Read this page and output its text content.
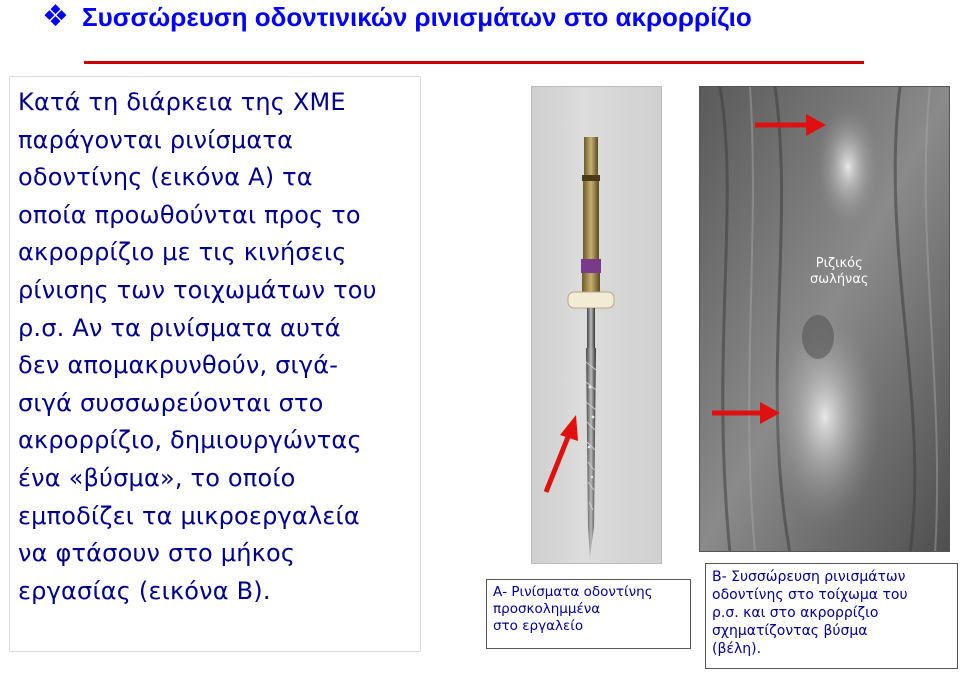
❖ Συσσώρευση οδοντινικών ρινισμάτων στο ακρορρίζιο

Κατά τη διάρκεια της ΧΜΕ
παράγονται ρινίσματα
οδοντίνης (εικόνα Α) τα
οποία προωθούνται προς το
ακρορρίζιο με τις κινήσεις
ρίνισης των τοιχωμάτων του
ρ.σ. Αν τα ρινίσματα αυτά
δεν απομακρυνθούν, σιγά-
σιγά συσσωρεύονται στο
ακρορρίζιο, δημιουργώντας
ένα «βύσμα», το οποίο
εμποδίζει τα μικροεργαλεία
να φτάσουν στο μήκος
εργασίας (εικόνα Β).

Ριζικός
σωλήνας
Α- Ρινίσματα οδοντίνης
προσκολημμένα
στο εργαλείο
Β- Συσσώρευση ρινισμάτων
οδοντίνης στο τοίχωμα του
ρ.σ. και στο ακρορρίζιο
σχηματίζοντας βύσμα
(βέλη).
